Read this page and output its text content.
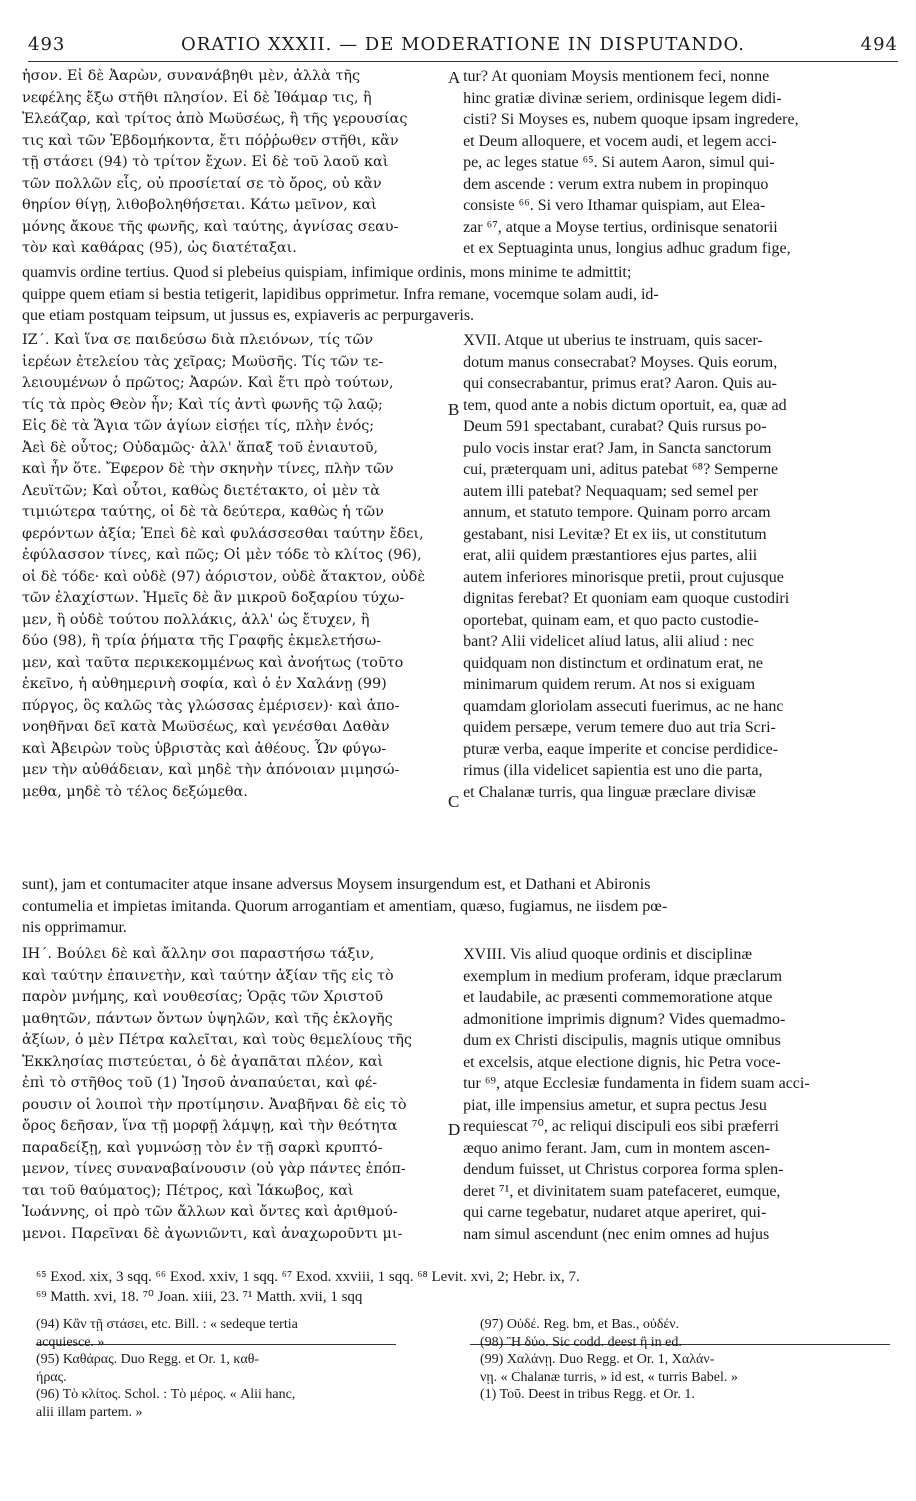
493	ORATIO XXXII. — DE MODERATIONE IN DISPUTANDO.	494
ἡσον. Εἰ δὲ Ἀαρὼν, συνανάβηθι μὲν, ἀλλὰ τῆς
νεφέλης ἔξω στῆθι πλησίον. Εἰ δὲ Ἰθάμαρ τις, ἢ
Ἐλεάζαρ, καὶ τρίτος ἀπὸ Μωϋσέως, ἢ τῆς γερουσίας
τις καὶ τῶν Ἑβδομήκοντα, ἔτι πόῤῥωθεν στῆθι, κἂν
τῇ στάσει (94) τὸ τρίτον ἔχων. Εἰ δὲ τοῦ λαοῦ καὶ
τῶν πολλῶν εἷς, οὐ προσίεταί σε τὸ ὄρος, οὐ κἂν
θηρίον θίγῃ, λιθοβοληθήσεται. Κάτω μεῖνον, καὶ
μόνης ἄκουε τῆς φωνῆς, καὶ ταύτης, ἁγνίσας σεαυ-
τὸν καὶ καθάρας (95), ὡς διατέταξαι.
tur? At quoniam Moysis mentionem feci, nonne
hinc gratiæ divinæ seriem, ordinisque legem didi-
cisti? Si Moyses es, nubem quoque ipsam ingredere,
et Deum alloquere, et vocem audi, et legem acci-
pe, ac leges statue ⁶⁵. Si autem Aaron, simul qui-
dem ascende : verum extra nubem in propinquo
consiste ⁶⁶. Si vero Ithamar quispiam, aut Elea-
zar ⁶⁷, atque a Moyse tertius, ordinisque senatorii
et ex Septuaginta unus, longius adhuc gradum fige,
A
quamvis ordine tertius. Quod si plebeius quispiam, infimique ordinis, mons minime te admittit;
quippe quem etiam si bestia tetigerit, lapidibus opprimetur. Infra remane, vocemque solam audi, id-
que etiam postquam teipsum, ut jussus es, expiaveris ac perpurgaveris.
ΙΖ΄. Καὶ ἵνα σε παιδεύσω διὰ πλειόνων, τίς τῶν
ἱερέων ἐτελείου τὰς χεῖρας; Μωϋσῆς. Τίς τῶν τε-
λειουμένων ὁ πρῶτος; Ἀαρών. Καὶ ἔτι πρὸ τούτων,
τίς τὰ πρὸς Θεὸν ἦν; Καὶ τίς ἀντὶ φωνῆς τῷ λαῷ;
Εἰς δὲ τὰ Ἅγια τῶν ἁγίων εἰσῄει τίς, πλὴν ἑνός;
Ἀεὶ δὲ οὗτος; Οὐδαμῶς· ἀλλ' ἅπαξ τοῦ ἐνιαυτοῦ,
καὶ ἦν ὅτε. Ἔφερον δὲ τὴν σκηνὴν τίνες, πλὴν τῶν
Λευϊτῶν; Καὶ οὗτοι, καθὼς διετέτακτο, οἱ μὲν τὰ
τιμιώτερα ταύτης, οἱ δὲ τὰ δεύτερα, καθὼς ἡ τῶν
φερόντων ἀξία; Ἐπεὶ δὲ καὶ φυλάσσεσθαι ταύτην ἔδει,
ἐφύλασσον τίνες, καὶ πῶς; Οἱ μὲν τόδε τὸ κλίτος (96),
οἱ δὲ τόδε· καὶ οὐδὲ (97) ἀόριστον, οὐδὲ ἄτακτον, οὐδὲ
τῶν ἐλαχίστων. Ἡμεῖς δὲ ἂν μικροῦ δοξαρίου τύχω-
μεν, ἢ οὐδὲ τούτου πολλάκις, ἀλλ' ὡς ἔτυχεν, ἢ
δύο (98), ἢ τρία ῥήματα τῆς Γραφῆς ἐκμελετήσω-
μεν, καὶ ταῦτα περικεκομμένως καὶ ἀνοήτως (τοῦτο
ἐκεῖνο, ἡ αὐθημερινὴ σοφία, καὶ ὁ ἐν Χαλάνῃ (99)
πύργος, ὃς καλῶς τὰς γλώσσας ἐμέρισεν)· καὶ ἀπο-
νοηθῆναι δεῖ κατὰ Μωϋσέως, καὶ γενέσθαι Δαθὰν
καὶ Ἀβειρὼν τοὺς ὑβριστὰς καὶ ἀθέους. Ὧν φύγω-
μεν τὴν αὐθάδειαν, καὶ μηδὲ τὴν ἀπόνοιαν μιμησώ-
μεθα, μηδὲ τὸ τέλος δεξώμεθα.
XVII. Atque ut uberius te instruam, quis sacer-
dotum manus consecrabat? Moyses. Quis eorum,
qui consecrabantur, primus erat? Aaron. Quis au-
tem, quod ante a nobis dictum oportuit, ea, quæ ad
Deum 591 spectabant, curabat? Quis rursus po-
pulo vocis instar erat? Jam, in Sancta sanctorum
cui, præterquam uni, aditus patebat ⁶⁸? Semperne
autem illi patebat? Nequaquam; sed semel per
annum, et statuto tempore. Quinam porro arcam
gestabant, nisi Levitæ? Et ex iis, ut constitutum
erat, alii quidem præstantiores ejus partes, alii
autem inferiores minorisque pretii, prout cujusque
dignitas ferebat? Et quoniam eam quoque custodiri
oportebat, quinam eam, et quo pacto custodie-
bant? Alii videlicet aliud latus, alii aliud : nec
quidquam non distinctum et ordinatum erat, ne
minimarum quidem rerum. At nos si exiguam
quamdam gloriolam assecuti fuerimus, ac ne hanc
quidem persæpe, verum temere duo aut tria Scri-
pturæ verba, eaque imperite et concise perdidice-
rimus (illa videlicet sapientia est uno die parta,
et Chalanæ turris, qua linguæ præclare divisæ
B
C
sunt), jam et contumaciter atque insane adversus Moysem insurgendum est, et Dathani et Abironis
contumelia et impietas imitanda. Quorum arrogantiam et amentiam, quæso, fugiamus, ne iisdem pœ-
nis opprimamur.
ΙΗ΄. Βούλει δὲ καὶ ἄλλην σοι παραστήσω τάξιν,
καὶ ταύτην ἐπαινετὴν, καὶ ταύτην ἀξίαν τῆς εἰς τὸ
παρὸν μνήμης, καὶ νουθεσίας; Ὁρᾷς τῶν Χριστοῦ
μαθητῶν, πάντων ὄντων ὑψηλῶν, καὶ τῆς ἐκλογῆς
ἀξίων, ὁ μὲν Πέτρα καλεῖται, καὶ τοὺς θεμελίους τῆς
Ἐκκλησίας πιστεύεται, ὁ δὲ ἀγαπᾶται πλέον, καὶ
ἐπὶ τὸ στῆθος τοῦ (1) Ἰησοῦ ἀναπαύεται, καὶ φέ-
ρουσιν οἱ λοιποὶ τὴν προτίμησιν. Ἀναβῆναι δὲ εἰς τὸ
ὄρος δεῆσαν, ἵνα τῇ μορφῇ λάμψῃ, καὶ τὴν θεότητα
παραδείξῃ, καὶ γυμνώσῃ τὸν ἐν τῇ σαρκὶ κρυπτό-
μενον, τίνες συναναβαίνουσιν (οὐ γὰρ πάντες ἐπόπ-
ται τοῦ θαύματος); Πέτρος, καὶ Ἰάκωβος, καὶ
Ἰωάννης, οἱ πρὸ τῶν ἄλλων καὶ ὄντες καὶ ἀριθμού-
μενοι. Παρεῖναι δὲ ἀγωνιῶντι, καὶ ἀναχωροῦντι μι-
XVIII. Vis aliud quoque ordinis et disciplinæ
exemplum in medium proferam, idque præclarum
et laudabile, ac præsenti commemoratione atque
admonitione imprimis dignum? Vides quemadmo-
dum ex Christi discipulis, magnis utique omnibus
et excelsis, atque electione dignis, hic Petra voce-
tur ⁶⁹, atque Ecclesiæ fundamenta in fidem suam acci-
piat, ille impensius ametur, et supra pectus Jesu
requiescat ⁷⁰, ac reliqui discipuli eos sibi præferri
æquo animo ferant. Jam, cum in montem ascen-
dendum fuisset, ut Christus corporea forma splen-
deret ⁷¹, et divinitatem suam patefaceret, eumque,
qui carne tegebatur, nudaret atque aperiret, qui-
nam simul ascendunt (nec enim omnes ad hujus
D
⁶⁵ Exod. xix, 3 sqq. ⁶⁶ Exod. xxiv, 1 sqq. ⁶⁷ Exod. xxviii, 1 sqq. ⁶⁸ Levit. xvi, 2; Hebr. ix, 7.
⁶⁹ Matth. xvi, 18. ⁷⁰ Joan. xiii, 23. ⁷¹ Matth. xvii, 1 sqq
(94) Κἂν τῇ στάσει, etc. Bill. : « sedeque tertia
acquiesce. »
(95) Καθάρας. Duo Regg. et Or. 1, καθ-
ήρας.
(96) Τὸ κλίτος. Schol. : Τὸ μέρος. « Alii hanc,
alii illam partem. »
(97) Οὐδέ. Reg. bm, et Bas., οὐδέν.
(98) Ἢ δύο. Sic codd. deest ἢ in ed.
(99) Χαλάνῃ. Duo Regg. et Or. 1, Χαλάν-
νῃ. « Chalanæ turris, » id est, « turris Babel. »
(1) Τοῦ. Deest in tribus Regg. et Or. 1.
